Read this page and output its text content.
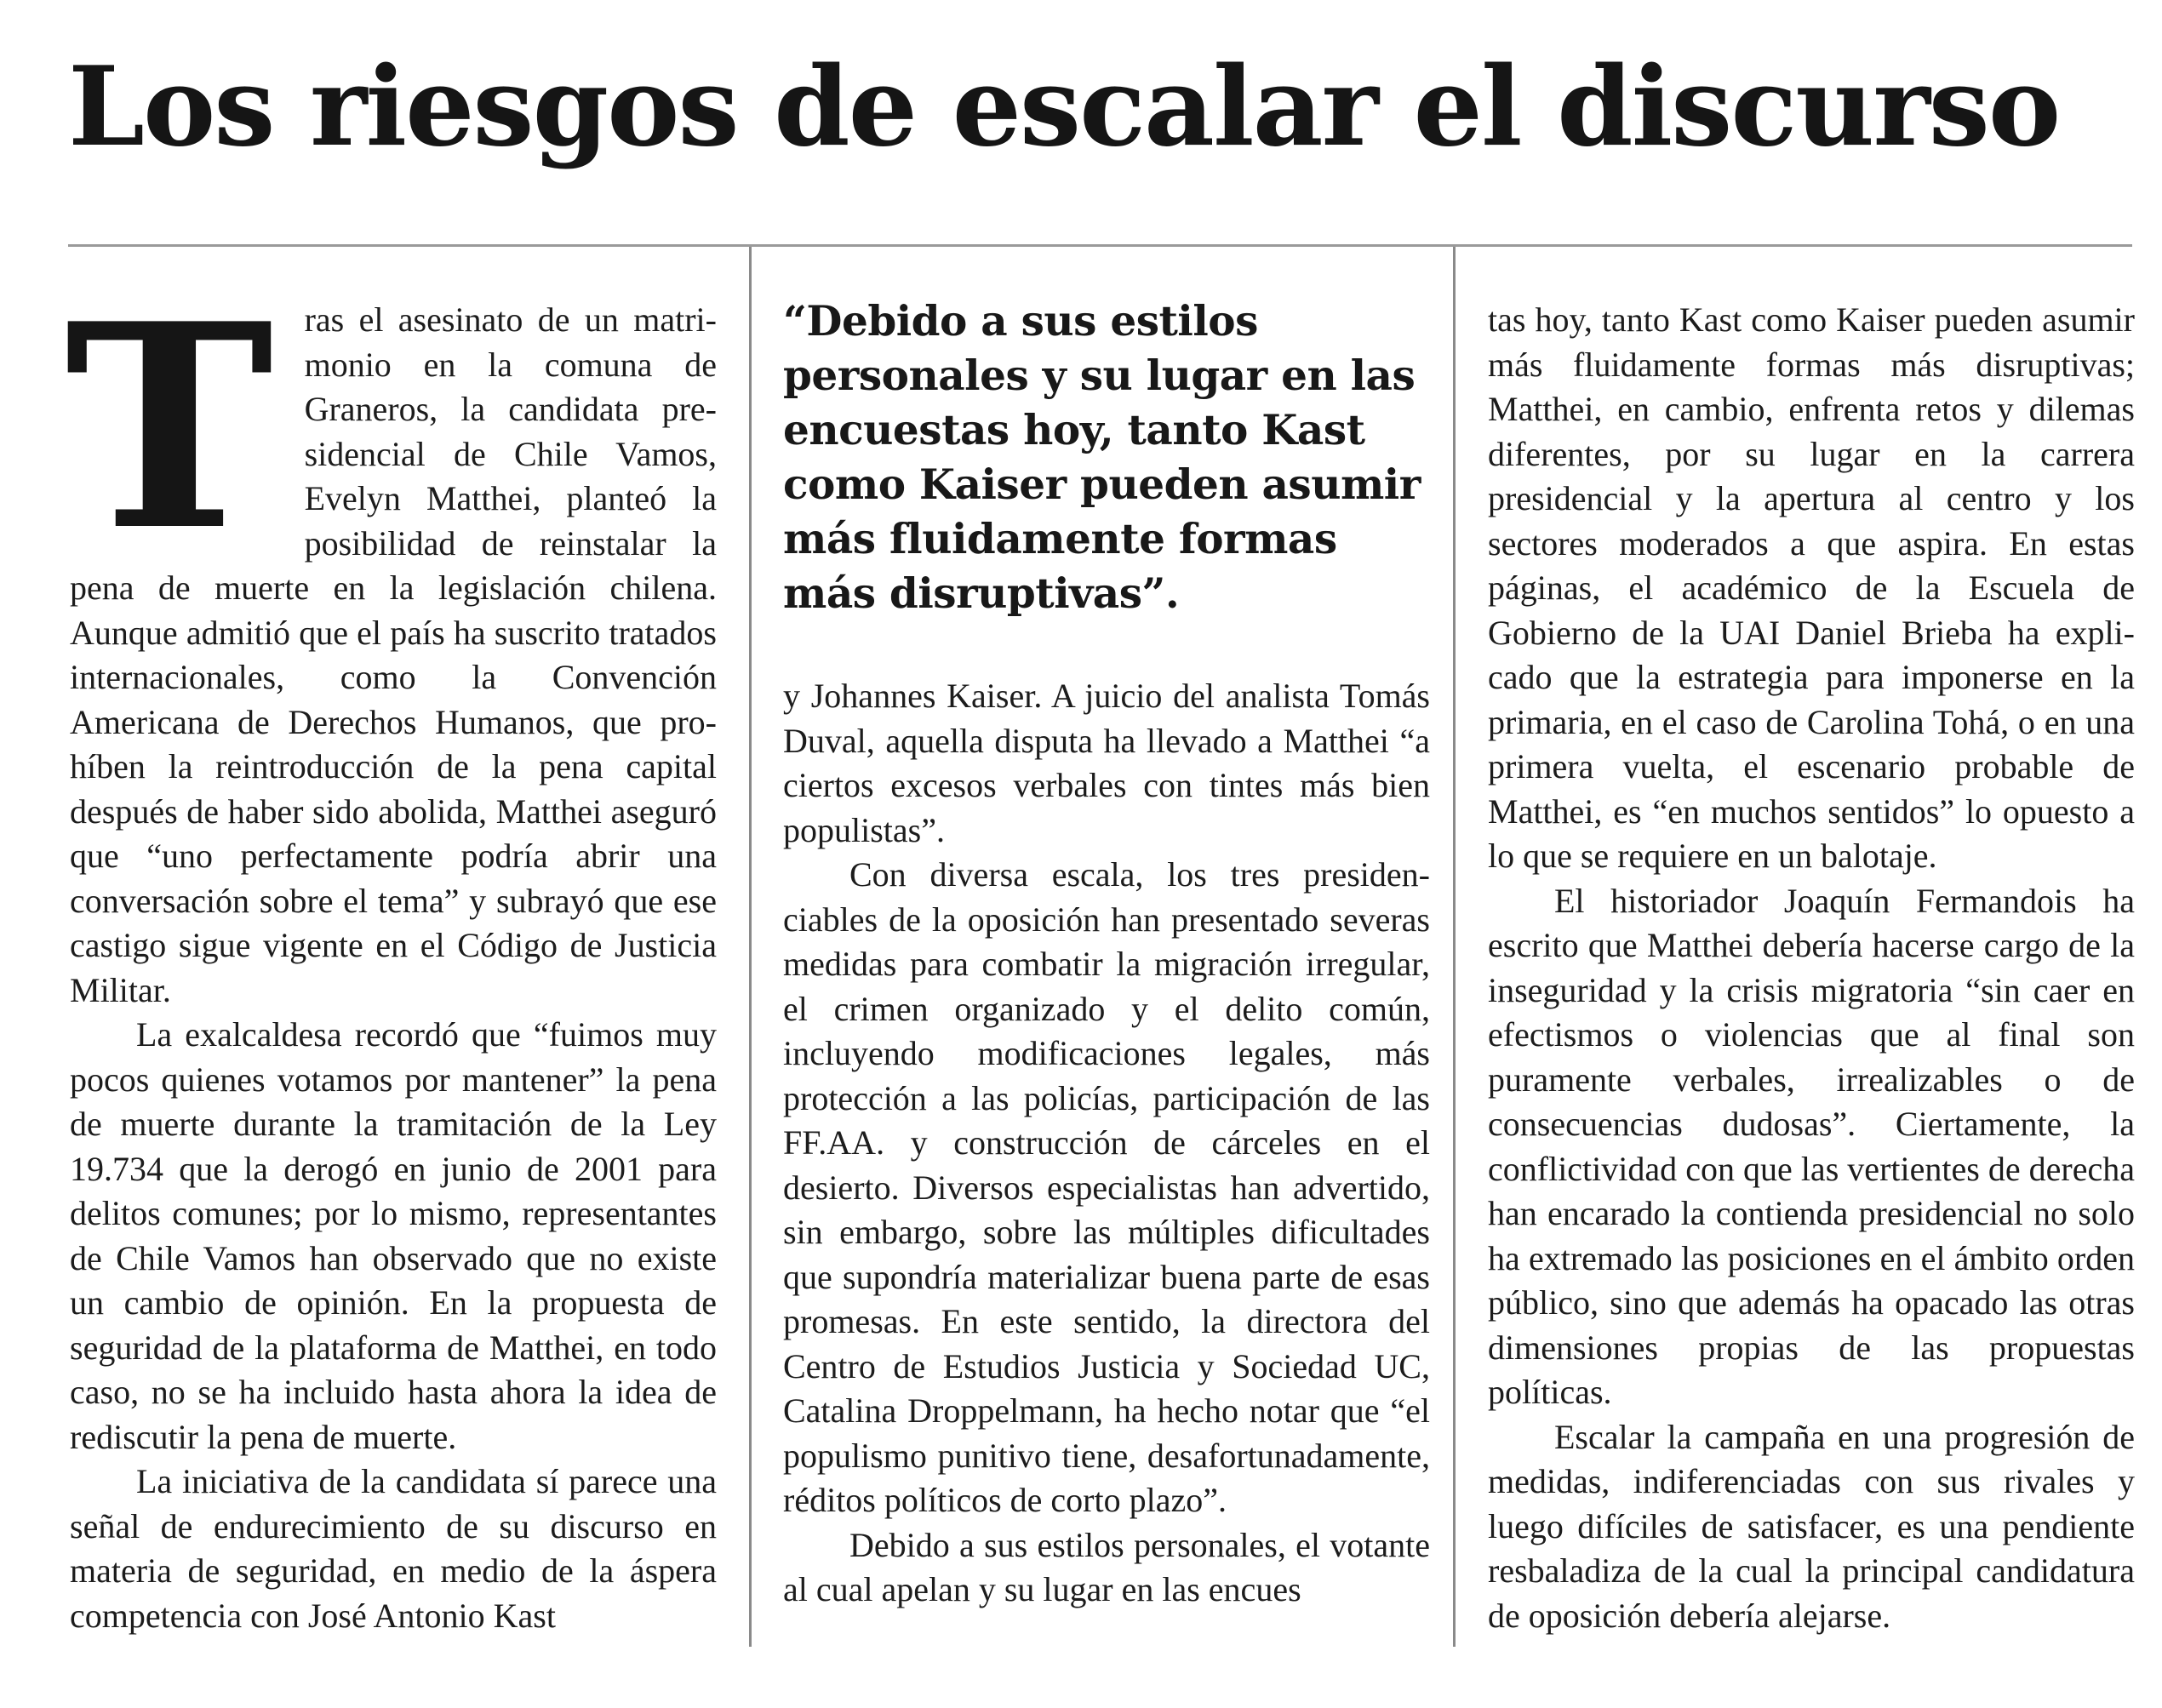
Los riesgos de escalar el discurso

Tras el asesinato de un matrimonio en la comuna de Graneros, la candidata presidencial de Chile Vamos, Evelyn Matthei, planteó la posibilidad de reinstalar la pena de muerte en la legislación chilena. Aunque admitió que el país ha suscrito tratados internacionales, como la Convención Americana de Derechos Humanos, que prohíben la reintroducción de la pena capital después de haber sido abolida, Matthei aseguró que “uno perfectamente podría abrir una conversación sobre el tema” y subrayó que ese castigo sigue vigente en el Código de Justicia Militar.

La exalcaldesa recordó que “fuimos muy pocos quienes votamos por mantener” la pena de muerte durante la tramitación de la Ley 19.734 que la derogó en junio de 2001 para delitos comunes; por lo mismo, representantes de Chile Vamos han observado que no existe un cambio de opinión. En la propuesta de seguridad de la plataforma de Matthei, en todo caso, no se ha incluido hasta ahora la idea de rediscutir la pena de muerte.

La iniciativa de la candidata sí parece una señal de endurecimiento de su discurso en materia de seguridad, en medio de la áspera competencia con José Antonio Kast

“Debido a sus estilos personales y su lugar en las encuestas hoy, tanto Kast como Kaiser pueden asumir más fluidamente formas más disruptivas”.

y Johannes Kaiser. A juicio del analista Tomás Duval, aquella disputa ha llevado a Matthei “a ciertos excesos verbales con tintes más bien populistas”.

Con diversa escala, los tres presidenciables de la oposición han presentado severas medidas para combatir la migración irregular, el crimen organizado y el delito común, incluyendo modificaciones legales, más protección a las policías, participación de las FF.AA. y construcción de cárceles en el desierto. Diversos especialistas han advertido, sin embargo, sobre las múltiples dificultades que supondría materializar buena parte de esas promesas. En este sentido, la directora del Centro de Estudios Justicia y Sociedad UC, Catalina Droppelmann, ha hecho notar que “el populismo punitivo tiene, desafortunadamente, réditos políticos de corto plazo”.

Debido a sus estilos personales, el votante al cual apelan y su lugar en las encues

tas hoy, tanto Kast como Kaiser pueden asumir más fluidamente formas más disruptivas; Matthei, en cambio, enfrenta retos y dilemas diferentes, por su lugar en la carrera presidencial y la apertura al centro y los sectores moderados a que aspira. En estas páginas, el académico de la Escuela de Gobierno de la UAI Daniel Brieba ha explicado que la estrategia para imponerse en la primaria, en el caso de Carolina Tohá, o en una primera vuelta, el escenario probable de Matthei, es “en muchos sentidos” lo opuesto a lo que se requiere en un balotaje.

El historiador Joaquín Fermandois ha escrito que Matthei debería hacerse cargo de la inseguridad y la crisis migratoria “sin caer en efectismos o violencias que al final son puramente verbales, irrealizables o de consecuencias dudosas”. Ciertamente, la conflictividad con que las vertientes de derecha han encarado la contienda presidencial no solo ha extremado las posiciones en el ámbito orden público, sino que además ha opacado las otras dimensiones propias de las propuestas políticas.

Escalar la campaña en una progresión de medidas, indiferenciadas con sus rivales y luego difíciles de satisfacer, es una pendiente resbaladiza de la cual la principal candidatura de oposición debería alejarse.
